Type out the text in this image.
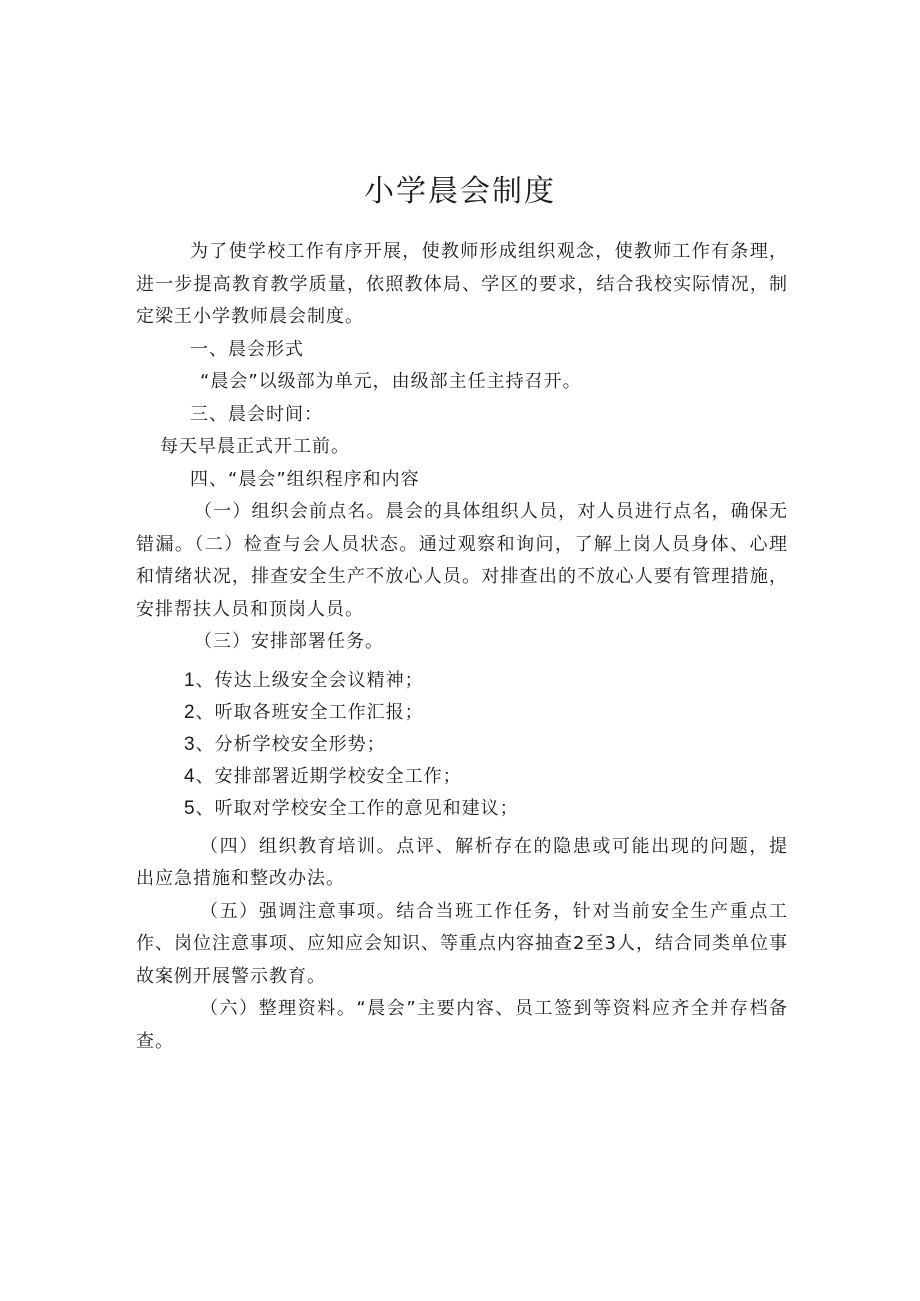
小学晨会制度

为了使学校工作有序开展，使教师形成组织观念，使教师工作有条理，进一步提高教育教学质量，依照教体局、学区的要求，结合我校实际情况，制定梁王小学教师晨会制度。

一、晨会形式

“晨会”以级部为单元，由级部主任主持召开。

三、晨会时间：

每天早晨正式开工前。

四、“晨会”组织程序和内容

（一）组织会前点名。晨会的具体组织人员，对人员进行点名，确保无错漏。（二）检查与会人员状态。通过观察和询问，了解上岗人员身体、心理和情绪状况，排查安全生产不放心人员。对排查出的不放心人要有管理措施，安排帮扶人员和顶岗人员。

（三）安排部署任务。

1、传达上级安全会议精神；
2、听取各班安全工作汇报；
3、分析学校安全形势；
4、安排部署近期学校安全工作；
5、听取对学校安全工作的意见和建议；

（四）组织教育培训。点评、解析存在的隐患或可能出现的问题，提出应急措施和整改办法。

（五）强调注意事项。结合当班工作任务，针对当前安全生产重点工作、岗位注意事项、应知应会知识、等重点内容抽查2至3人，结合同类单位事故案例开展警示教育。

（六）整理资料。“晨会”主要内容、员工签到等资料应齐全并存档备查。
